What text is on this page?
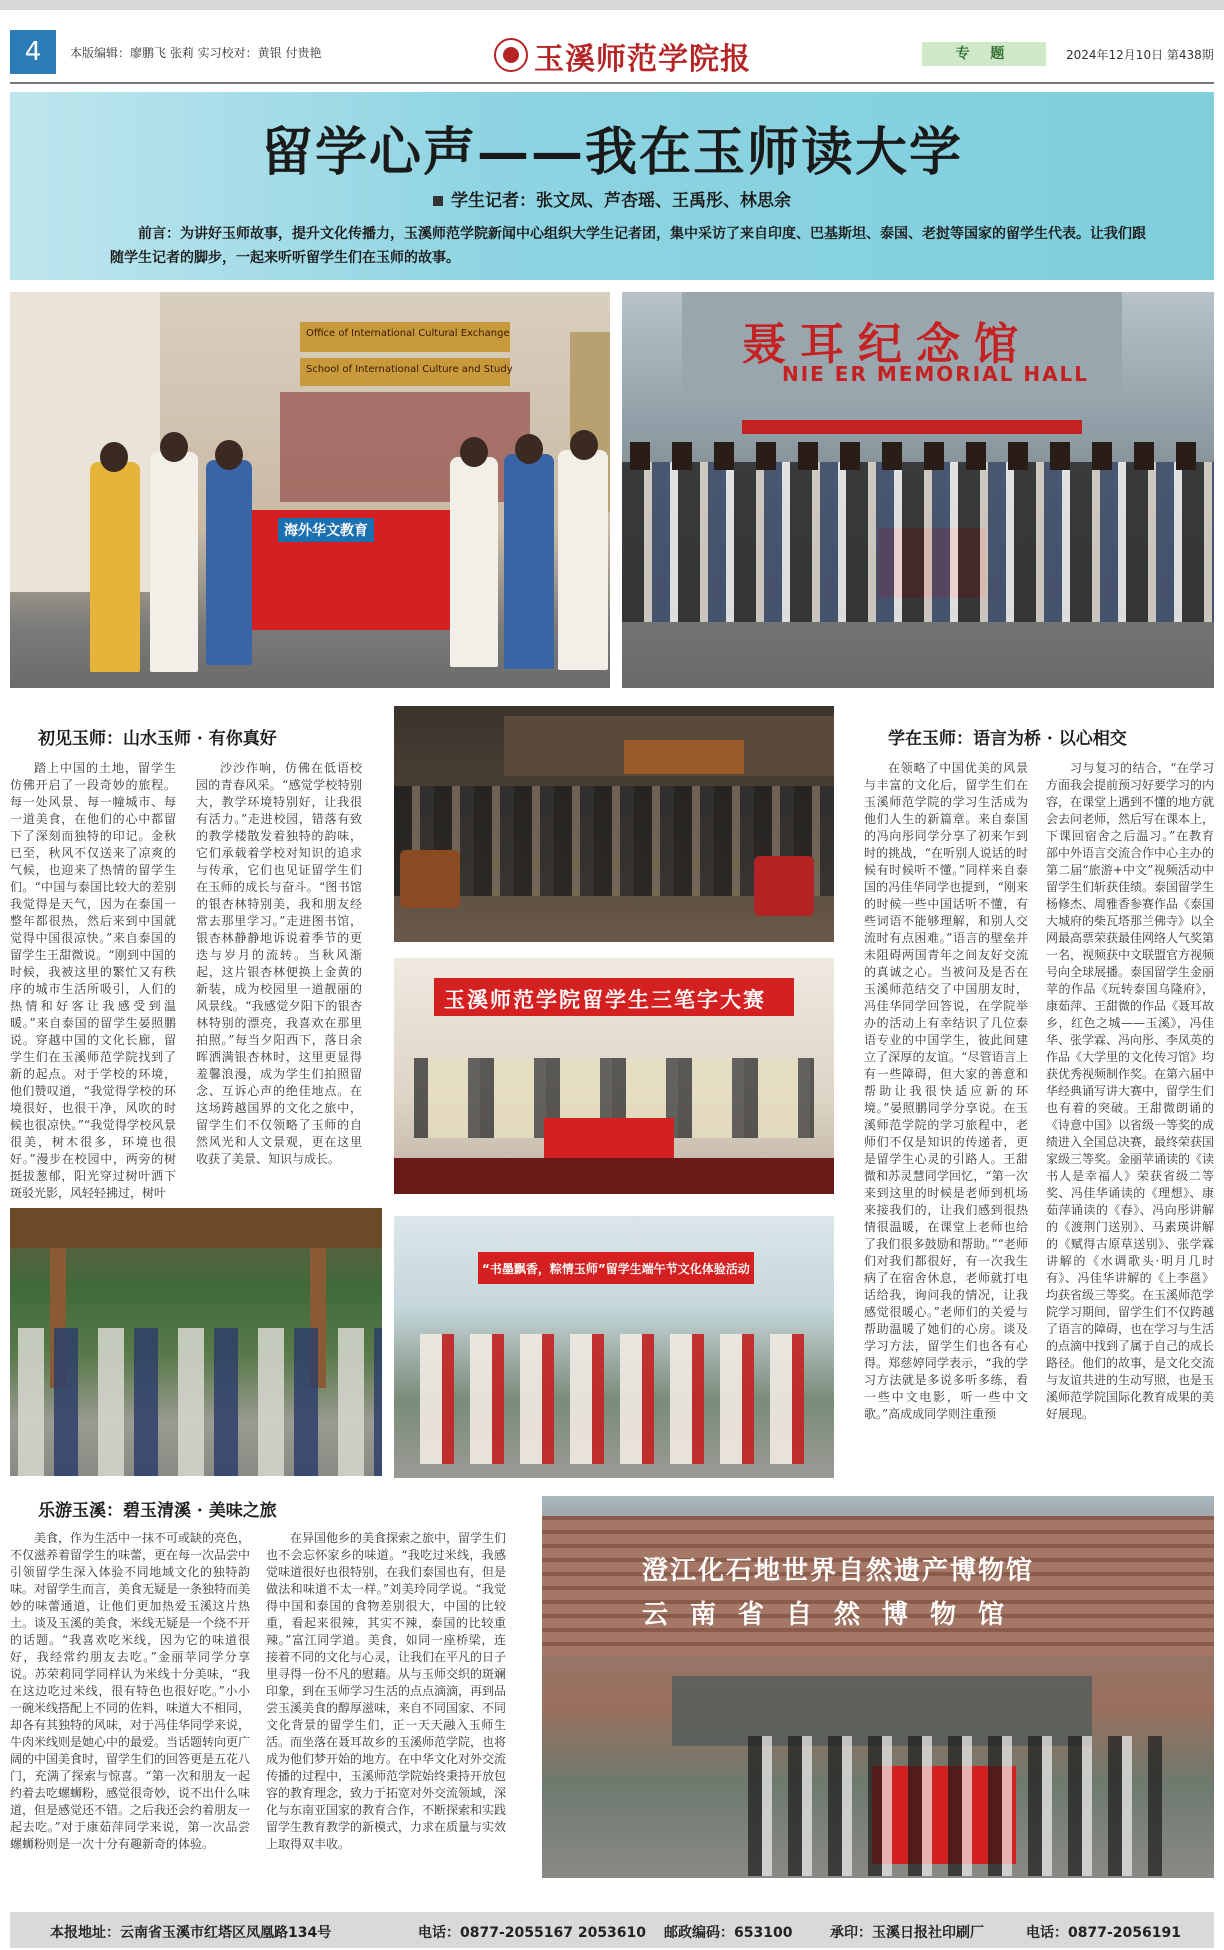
4	本版编辑：廖鹏飞 张莉 实习校对：黄银 付贵艳	玉溪师范学院报	专 题	2024年12月10日 第438期
留学心声——我在玉师读大学
学生记者：张文凤、芦杏瑶、王禹彤、林思余
前言：为讲好玉师故事，提升文化传播力，玉溪师范学院新闻中心组织大学生记者团，集中采访了来自印度、巴基斯坦、泰国、老挝等国家的留学生代表。让我们跟随学生记者的脚步，一起来听听留学生们在玉师的故事。
Office of International Cultural Exchange
School of International Culture and Study
海外华文教育
聂耳纪念馆
NIE ER MEMORIAL HALL
初见玉师：山水玉师 · 有你真好

踏上中国的土地，留学生仿佛开启了一段奇妙的旅程。每一处风景、每一幢城市、每一道美食，在他们的心中都留下了深刻而独特的印记。金秋已至，秋风不仅送来了凉爽的气候，也迎来了热情的留学生们。“中国与泰国比较大的差别我觉得是天气，因为在泰国一整年都很热，然后来到中国就觉得中国很凉快。”来自泰国的留学生王甜微说。“刚到中国的时候，我被这里的繁忙又有秩序的城市生活所吸引，人们的热情和好客让我感受到温暖。”来自泰国的留学生晏照鹏说。穿越中国的文化长廊，留学生们在玉溪师范学院找到了新的起点。对于学校的环境，他们赞叹道，“我觉得学校的环境很好，也很干净，风吹的时候也很凉快。”“我觉得学校风景很美，树木很多，环境也很好。”漫步在校园中，两旁的树挺拔葱郁，阳光穿过树叶洒下斑驳光影，风轻轻拂过，树叶

沙沙作响，仿佛在低语校园的青春风采。“感觉学校特别大，教学环境特别好，让我很有活力。”走进校园，错落有致的教学楼散发着独特的韵味，它们承载着学校对知识的追求与传承，它们也见证留学生们在玉师的成长与奋斗。“图书馆的银杏林特别美，我和朋友经常去那里学习。”走进图书馆，银杏林静静地诉说着季节的更迭与岁月的流转。当秋风渐起，这片银杏林便换上金黄的新装，成为校园里一道靓丽的风景线。“我感觉夕阳下的银杏林特别的漂亮，我喜欢在那里拍照。”每当夕阳西下，落日余晖洒满银杏林时，这里更显得羞馨浪漫，成为学生们拍照留念、互诉心声的绝佳地点。在这场跨越国界的文化之旅中，留学生们不仅领略了玉师的自然风光和人文景观，更在这里收获了美景、知识与成长。

玉溪师范学院留学生三笔字大赛
学在玉师：语言为桥 · 以心相交

在领略了中国优美的风景与丰富的文化后，留学生们在玉溪师范学院的学习生活成为他们人生的新篇章。来自泰国的冯向彤同学分享了初来乍到时的挑战，“在听别人说话的时候有时候听不懂。”同样来自泰国的冯佳华同学也提到，“刚来的时候一些中国话听不懂，有些词语不能够理解，和别人交流时有点困难。”语言的壁垒并未阻碍两国青年之间友好交流的真诚之心。当被问及是否在玉溪师范结交了中国朋友时，冯佳华同学回答说，在学院举办的活动上有幸结识了几位泰语专业的中国学生，彼此间建立了深厚的友谊。“尽管语言上有一些障碍，但大家的善意和帮助让我很快适应新的环境。”晏照鹏同学分享说。在玉溪师范学院的学习旅程中，老师们不仅是知识的传递者，更是留学生心灵的引路人。王甜微和苏灵慧同学回忆，“第一次来到这里的时候是老师到机场来接我们的，让我们感到很热情很温暖，在课堂上老师也给了我们很多鼓励和帮助。”“老师们对我们都很好，有一次我生病了在宿舍休息，老师就打电话给我，询问我的情况，让我感觉很暖心。”老师们的关爱与帮助温暖了她们的心房。谈及学习方法，留学生们也各有心得。郑慈婷同学表示，“我的学习方法就是多说多听多练，看一些中文电影，听一些中文歌。”高成成同学则注重预

习与复习的结合，“在学习方面我会提前预习好要学习的内容，在课堂上遇到不懂的地方就会去问老师，然后写在课本上，下课回宿舍之后温习。”在教育部中外语言交流合作中心主办的第二届“旅游+中文”视频活动中留学生们斩获佳绩。泰国留学生杨修杰、周雅香参赛作品《泰国大城府的柴瓦塔那兰佛寺》以全网最高票荣获最佳网络人气奖第一名，视频获中文联盟官方视频号向全球展播。泰国留学生金丽苹的作品《玩转泰国乌隆府》，康茹萍、王甜微的作品《聂耳故乡，红色之城——玉溪》，冯佳华、张学霖、冯向彤、李凤英的作品《大学里的文化传习馆》均获优秀视频制作奖。在第六届中华经典诵写讲大赛中，留学生们也有着的突破。王甜微朗诵的《诗意中国》以省级一等奖的成绩进入全国总决赛，最终荣获国家级三等奖。金丽苹诵读的《读书人是幸福人》荣获省级二等奖、冯佳华诵读的《理想》、康茹萍诵读的《春》、冯向彤讲解的《渡荆门送别》、马素瑛讲解的《赋得古原草送别》、张学霖讲解的《水调歌头·明月几时有》、冯佳华讲解的《上李邕》均获省级三等奖。在玉溪师范学院学习期间，留学生们不仅跨越了语言的障碍，也在学习与生活的点滴中找到了属于自己的成长路径。他们的故事，是文化交流与友谊共进的生动写照，也是玉溪师范学院国际化教育成果的美好展现。

“书墨飘香，粽情玉师”留学生端午节文化体验活动
乐游玉溪：碧玉清溪 · 美味之旅

美食，作为生活中一抹不可或缺的亮色，不仅滋养着留学生的味蕾，更在每一次品尝中引领留学生深入体验不同地域文化的独特韵味。对留学生而言，美食无疑是一条独特而美妙的味蕾通道，让他们更加热爱玉溪这片热土。谈及玉溪的美食，米线无疑是一个绕不开的话题。“我喜欢吃米线，因为它的味道很好，我经常约朋友去吃。”金丽苹同学分享说。苏荣莉同学同样认为米线十分美味，“我在这边吃过米线，很有特色也很好吃。”小小一碗米线搭配上不同的佐料，味道大不相同，却各有其独特的风味，对于冯佳华同学来说，牛肉米线则是她心中的最爱。当话题转向更广阔的中国美食时，留学生们的回答更是五花八门，充满了探索与惊喜。“第一次和朋友一起约着去吃螺蛳粉，感觉很奇妙，说不出什么味道，但是感觉还不错。之后我还会约着朋友一起去吃。”对于康茹萍同学来说，第一次品尝螺蛳粉则是一次十分有趣新奇的体验。

在异国他乡的美食探索之旅中，留学生们也不会忘怀家乡的味道。“我吃过米线，我感觉味道很好也很特别，在我们泰国也有，但是做法和味道不太一样。”刘美玲同学说。“我觉得中国和泰国的食物差别很大，中国的比较重，看起来很辣，其实不辣，泰国的比较重辣。”富江同学道。美食，如同一座桥梁，连接着不同的文化与心灵，让我们在平凡的日子里寻得一份不凡的慰藉。从与玉师交织的斑斓印象，到在玉师学习生活的点点滴滴，再到品尝玉溪美食的醇厚滋味，来自不同国家、不同文化背景的留学生们，正一天天融入玉师生活。而坐落在聂耳故乡的玉溪师范学院，也将成为他们梦开始的地方。在中华文化对外交流传播的过程中，玉溪师范学院始终秉持开放包容的教育理念，致力于拓宽对外交流领域，深化与东南亚国家的教育合作，不断探索和实践留学生教育教学的新模式，力求在质量与实效上取得双丰收。

澄江化石地世界自然遗产博物馆
云南省自然博物馆
本报地址：云南省玉溪市红塔区凤凰路134号	电话：0877-2055167 2053610 邮政编码：653100	承印：玉溪日报社印刷厂	电话：0877-2056191
